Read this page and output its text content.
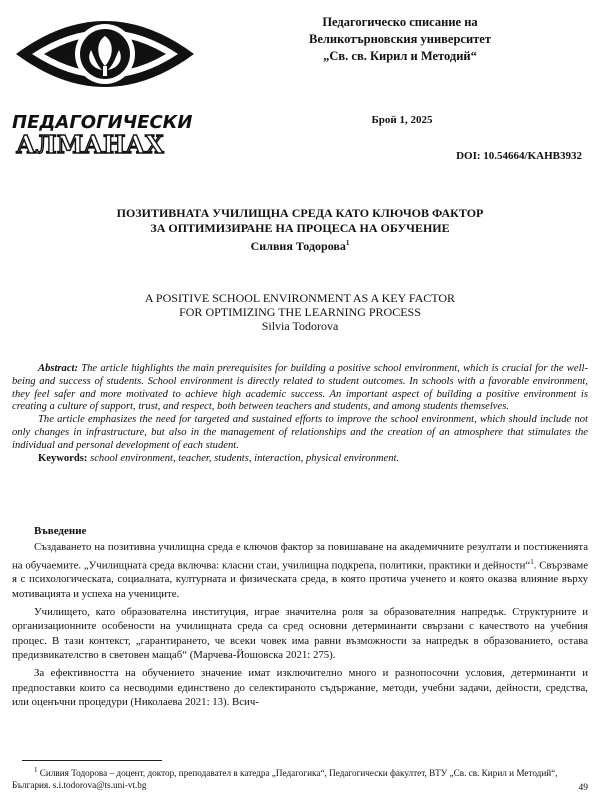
ПЕДАГОГИЧЕСКИ
АЛМАНАХ
Педагогическо списание на
Великотърновския университет
„Св. св. Кирил и Методий“
Брой 1, 2025
DOI: 10.54664/KAHB3932
ПОЗИТИВНАТА УЧИЛИЩНА СРЕДА КАТО КЛЮЧОВ ФАКТОР
ЗА ОПТИМИЗИРАНЕ НА ПРОЦЕСА НА ОБУЧЕНИЕ
Силвия Тодорова$^1$
A POSITIVE SCHOOL ENVIRONMENT AS A KEY FACTOR
FOR OPTIMIZING THE LEARNING PROCESS
Silvia Todorova

Abstract: The article highlights the main prerequisites for building a positive school environment, which is crucial for the well-being and success of students. School environment is directly related to student outcomes. In schools with a favorable environment, they feel safer and more motivated to achieve high academic success. An important aspect of building a positive environment is creating a culture of support, trust, and respect, both between teachers and students, and among students themselves.

The article emphasizes the need for targeted and sustained efforts to improve the school environment, which should include not only changes in infrastructure, but also in the management of relationships and the creation of an atmosphere that stimulates the individual and personal development of each student.

Keywords: school environment, teacher, students, interaction, physical environment.

Въведение

Създаването на позитивна училищна среда е ключов фактор за повишаване на академичните резултати и постиженията на обучаемите. „Училищната среда включва: класни стаи, училищна подкрепа, политики, практики и дейности“$^1$. Свързваме я с психологическата, социалната, културната и физическата среда, в която протича ученето и която оказва влияние върху мотивацията и успеха на учениците.

Училището, като образователна институция, играе значителна роля за образователния напредък. Структурните и организационните особености на училищната среда са сред основни детерминанти свързани с качеството на учебния процес. В тази контекст, „гарантирането, че всеки човек има равни възможности за напредък в образованието, остава предизвикателство в световен мащаб“ (Марчева-Йошовска 2021: 275).

За ефективността на обучението значение имат изключително много и разнопосочни условия, детерминанти и предпоставки които са несводими единствено до селектираното съдържание, методи, учебни задачи, дейности, средства, или оценъчни процедури (Николаева 2021: 13). Всич-

$^1$ Силвия Тодорова – доцент, доктор, преподавател в катедра „Педагогика“, Педагогически факултет, ВТУ „Св. св. Кирил и Методий“, България. s.i.todorova@ts.uni-vt.bg	49
